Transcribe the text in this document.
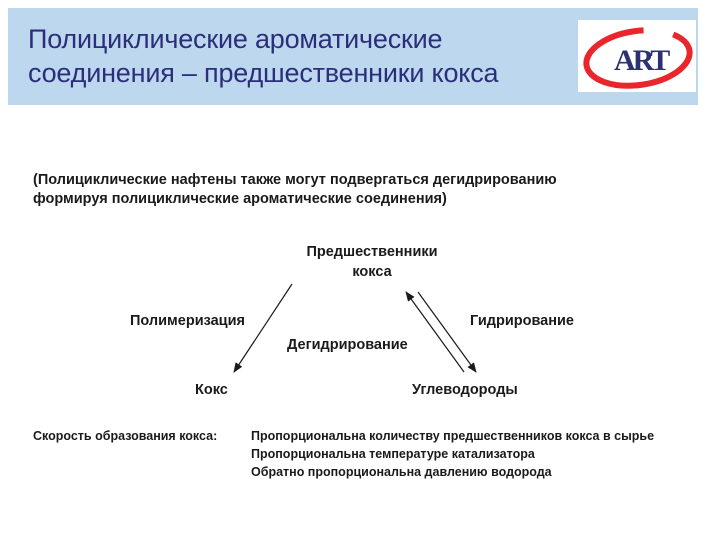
Полициклические ароматические
соединения – предшественники кокса	ART
(Полициклические нафтены также могут подвергаться дегидрированию
формируя полициклические ароматические соединения)
Предшественники
кокса
Полимеризация	Гидрирование
Дегидрирование
Кокс	Углеводороды
Скорость образования кокса:	Пропорциональна количеству предшественников кокса в сырье
Пропорциональна температуре катализатора
Обратно пропорциональна давлению водорода
